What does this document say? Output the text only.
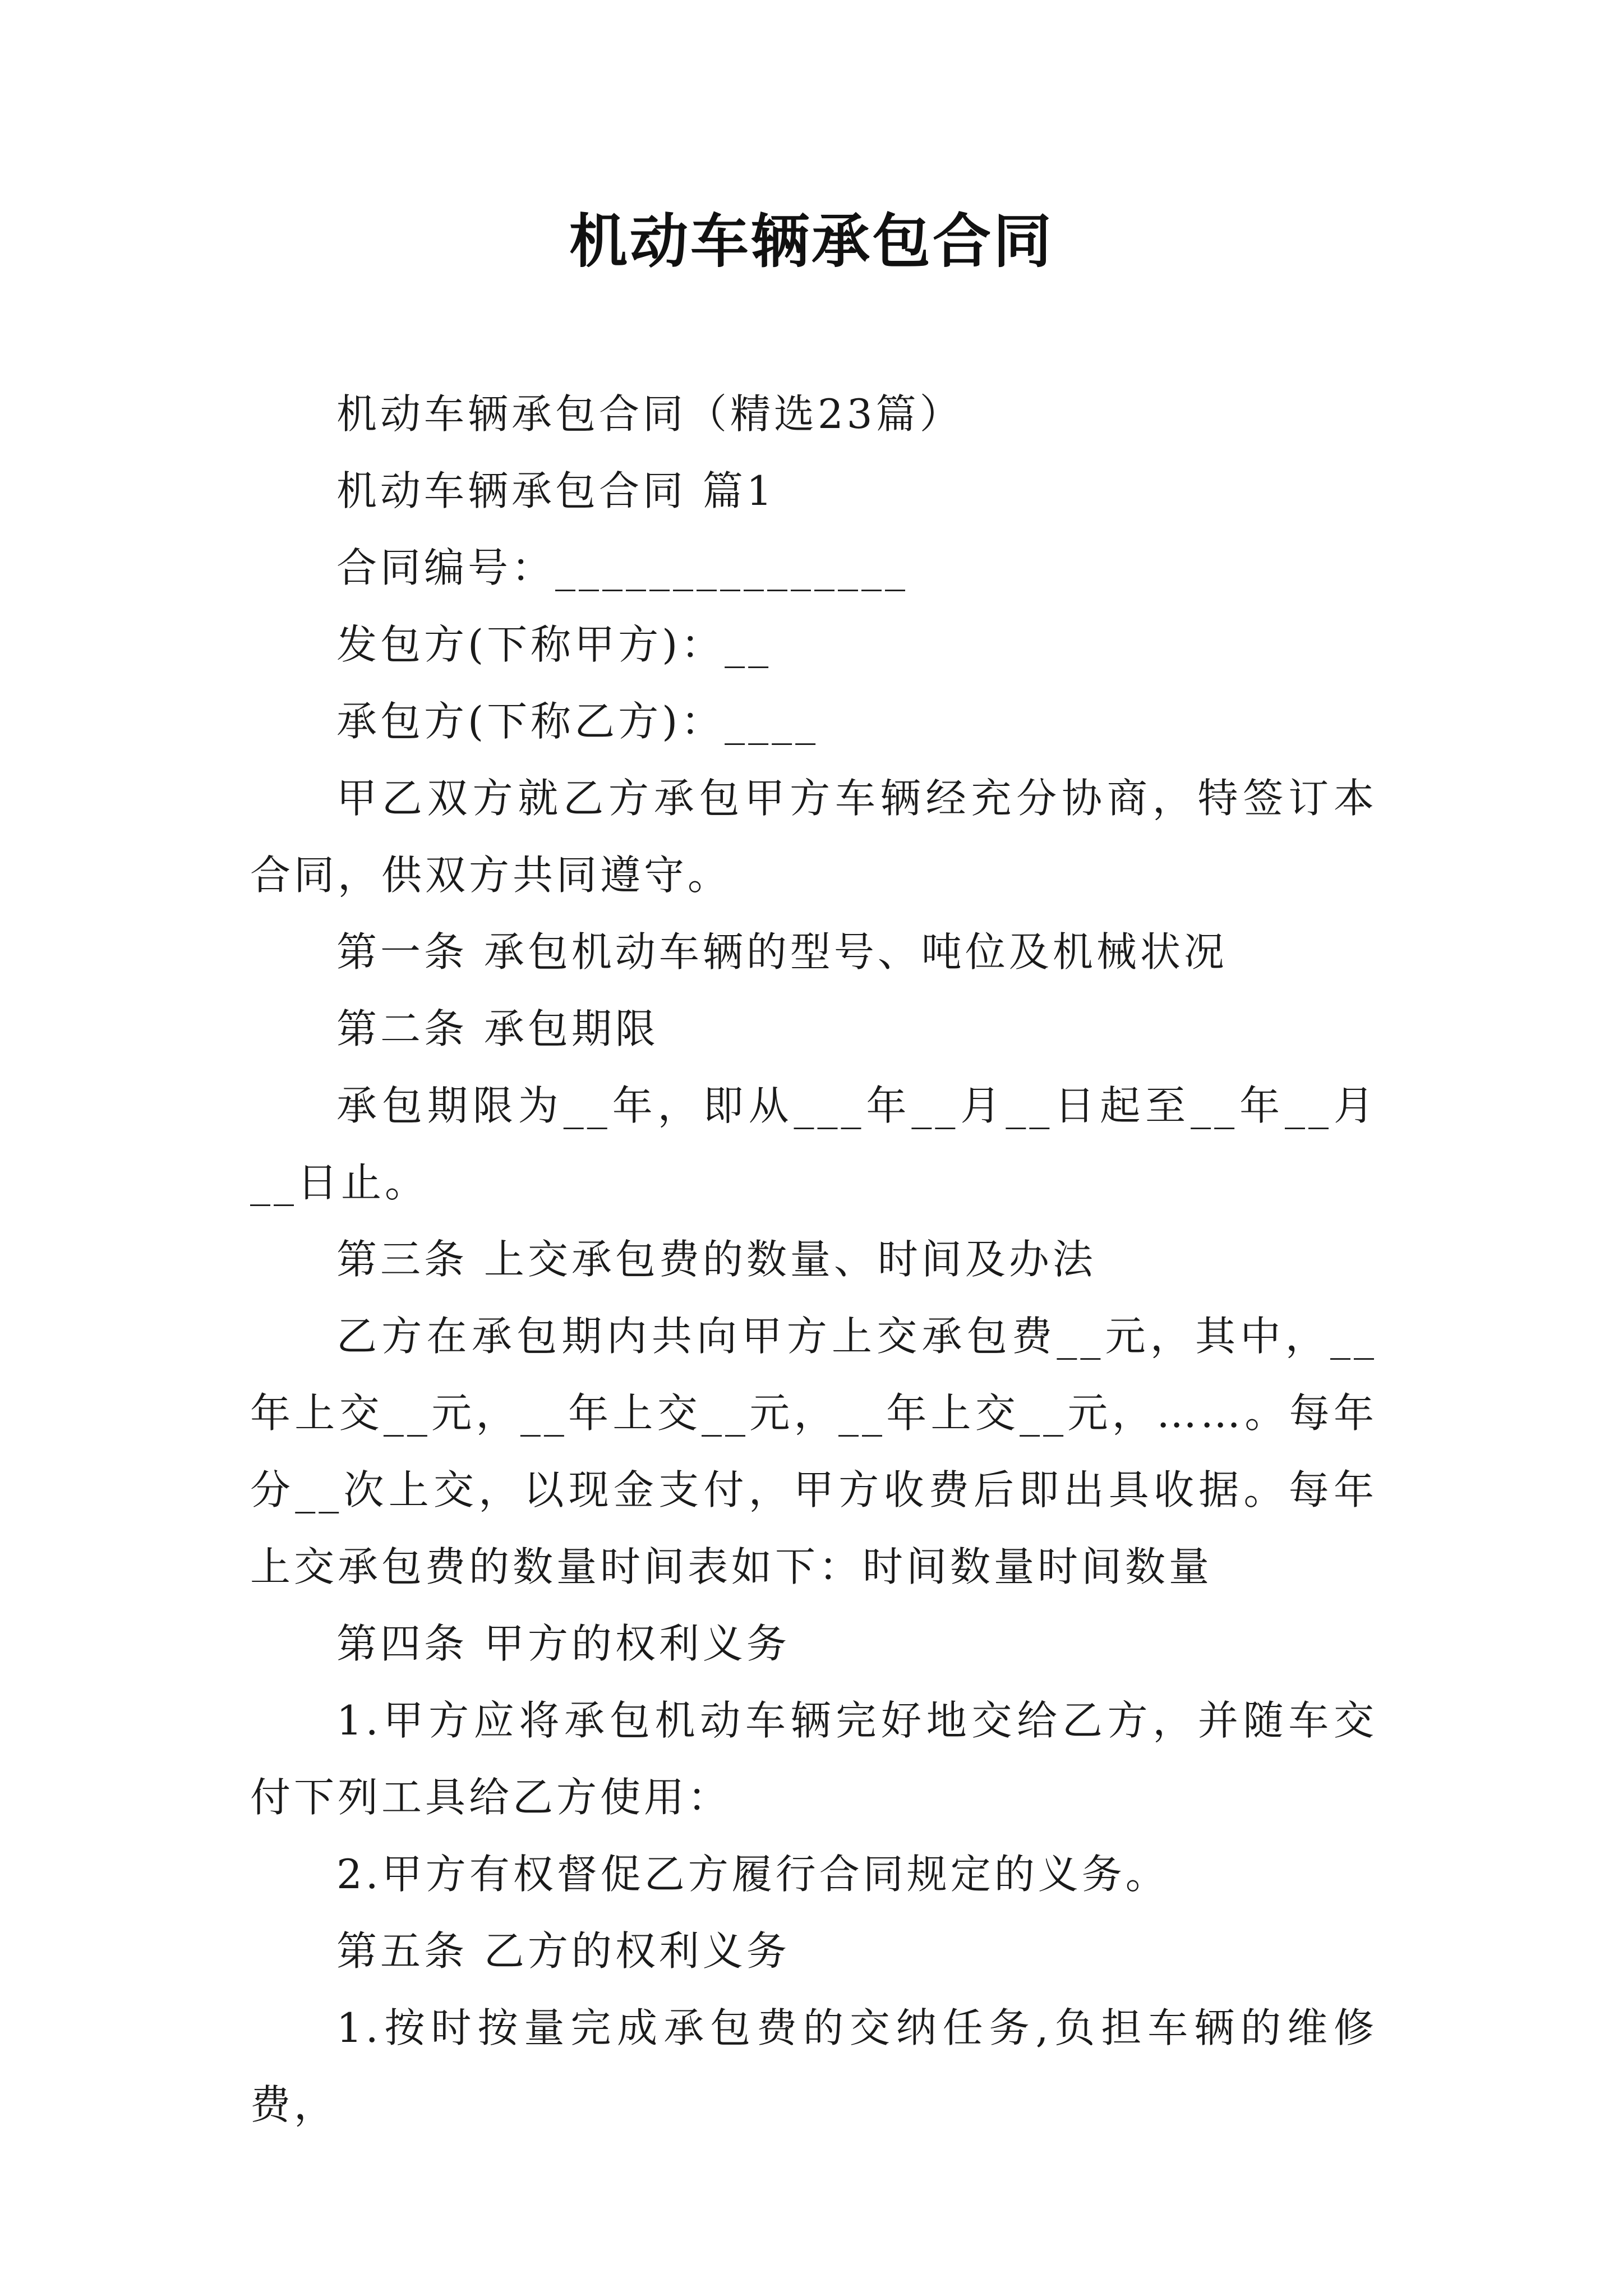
机动车辆承包合同

机动车辆承包合同（精选23篇）

机动车辆承包合同 篇1

合同编号：_______________

发包方(下称甲方)：__

承包方(下称乙方)：____

甲乙双方就乙方承包甲方车辆经充分协商，特签订本合同，供双方共同遵守。

第一条 承包机动车辆的型号、吨位及机械状况

第二条 承包期限

承包期限为__年，即从___年__月__日起至__年__月__日止。

第三条 上交承包费的数量、时间及办法

乙方在承包期内共向甲方上交承包费__元，其中，__年上交__元，__年上交__元，__年上交__元，……。每年分__次上交，以现金支付，甲方收费后即出具收据。每年上交承包费的数量时间表如下：时间数量时间数量

第四条 甲方的权利义务

1.甲方应将承包机动车辆完好地交给乙方，并随车交付下列工具给乙方使用：

2.甲方有权督促乙方履行合同规定的义务。

第五条 乙方的权利义务

1.按时按量完成承包费的交纳任务,负担车辆的维修费，
